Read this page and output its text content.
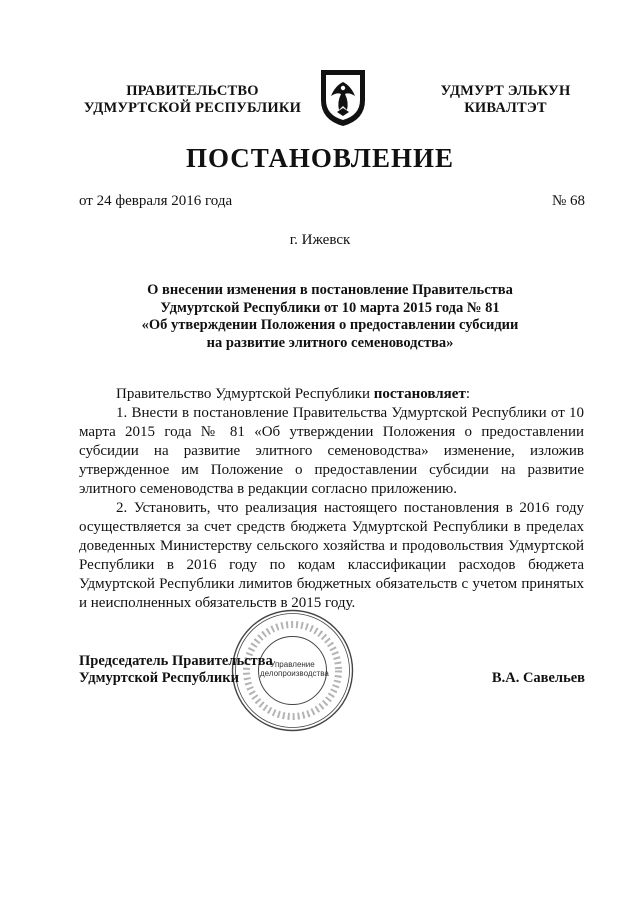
ПРАВИТЕЛЬСТВО
УДМУРТСКОЙ РЕСПУБЛИКИ
УДМУРТ ЭЛЬКУН
КИВАЛТЭТ
ПОСТАНОВЛЕНИЕ
от 24 февраля 2016 года	№ 68
г. Ижевск
О внесении изменения в постановление Правительства
Удмуртской Республики от 10 марта 2015 года № 81
«Об утверждении Положения о предоставлении субсидии
на развитие элитного семеноводства»

Правительство Удмуртской Республики постановляет:

1. Внести в постановление Правительства Удмуртской Республики от 10 марта 2015 года № 81 «Об утверждении Положения о предоставлении субсидии на развитие элитного семеноводства» изменение, изложив утвержденное им Положение о предоставлении субсидии на развитие элитного семеноводства в редакции согласно приложению.

2. Установить, что реализация настоящего постановления в 2016 году осуществляется за счет средств бюджета Удмуртской Республики в пределах доведенных Министерству сельского хозяйства и продовольствия Удмуртской Республики в 2016 году по кодам классификации расходов бюджета Удмуртской Республики лимитов бюджетных обязательств с учетом принятых и неисполненных обязательств в 2015 году.

Управление
делопроизводства
Председатель Правительства
Удмуртской Республики	В.А. Савельев
